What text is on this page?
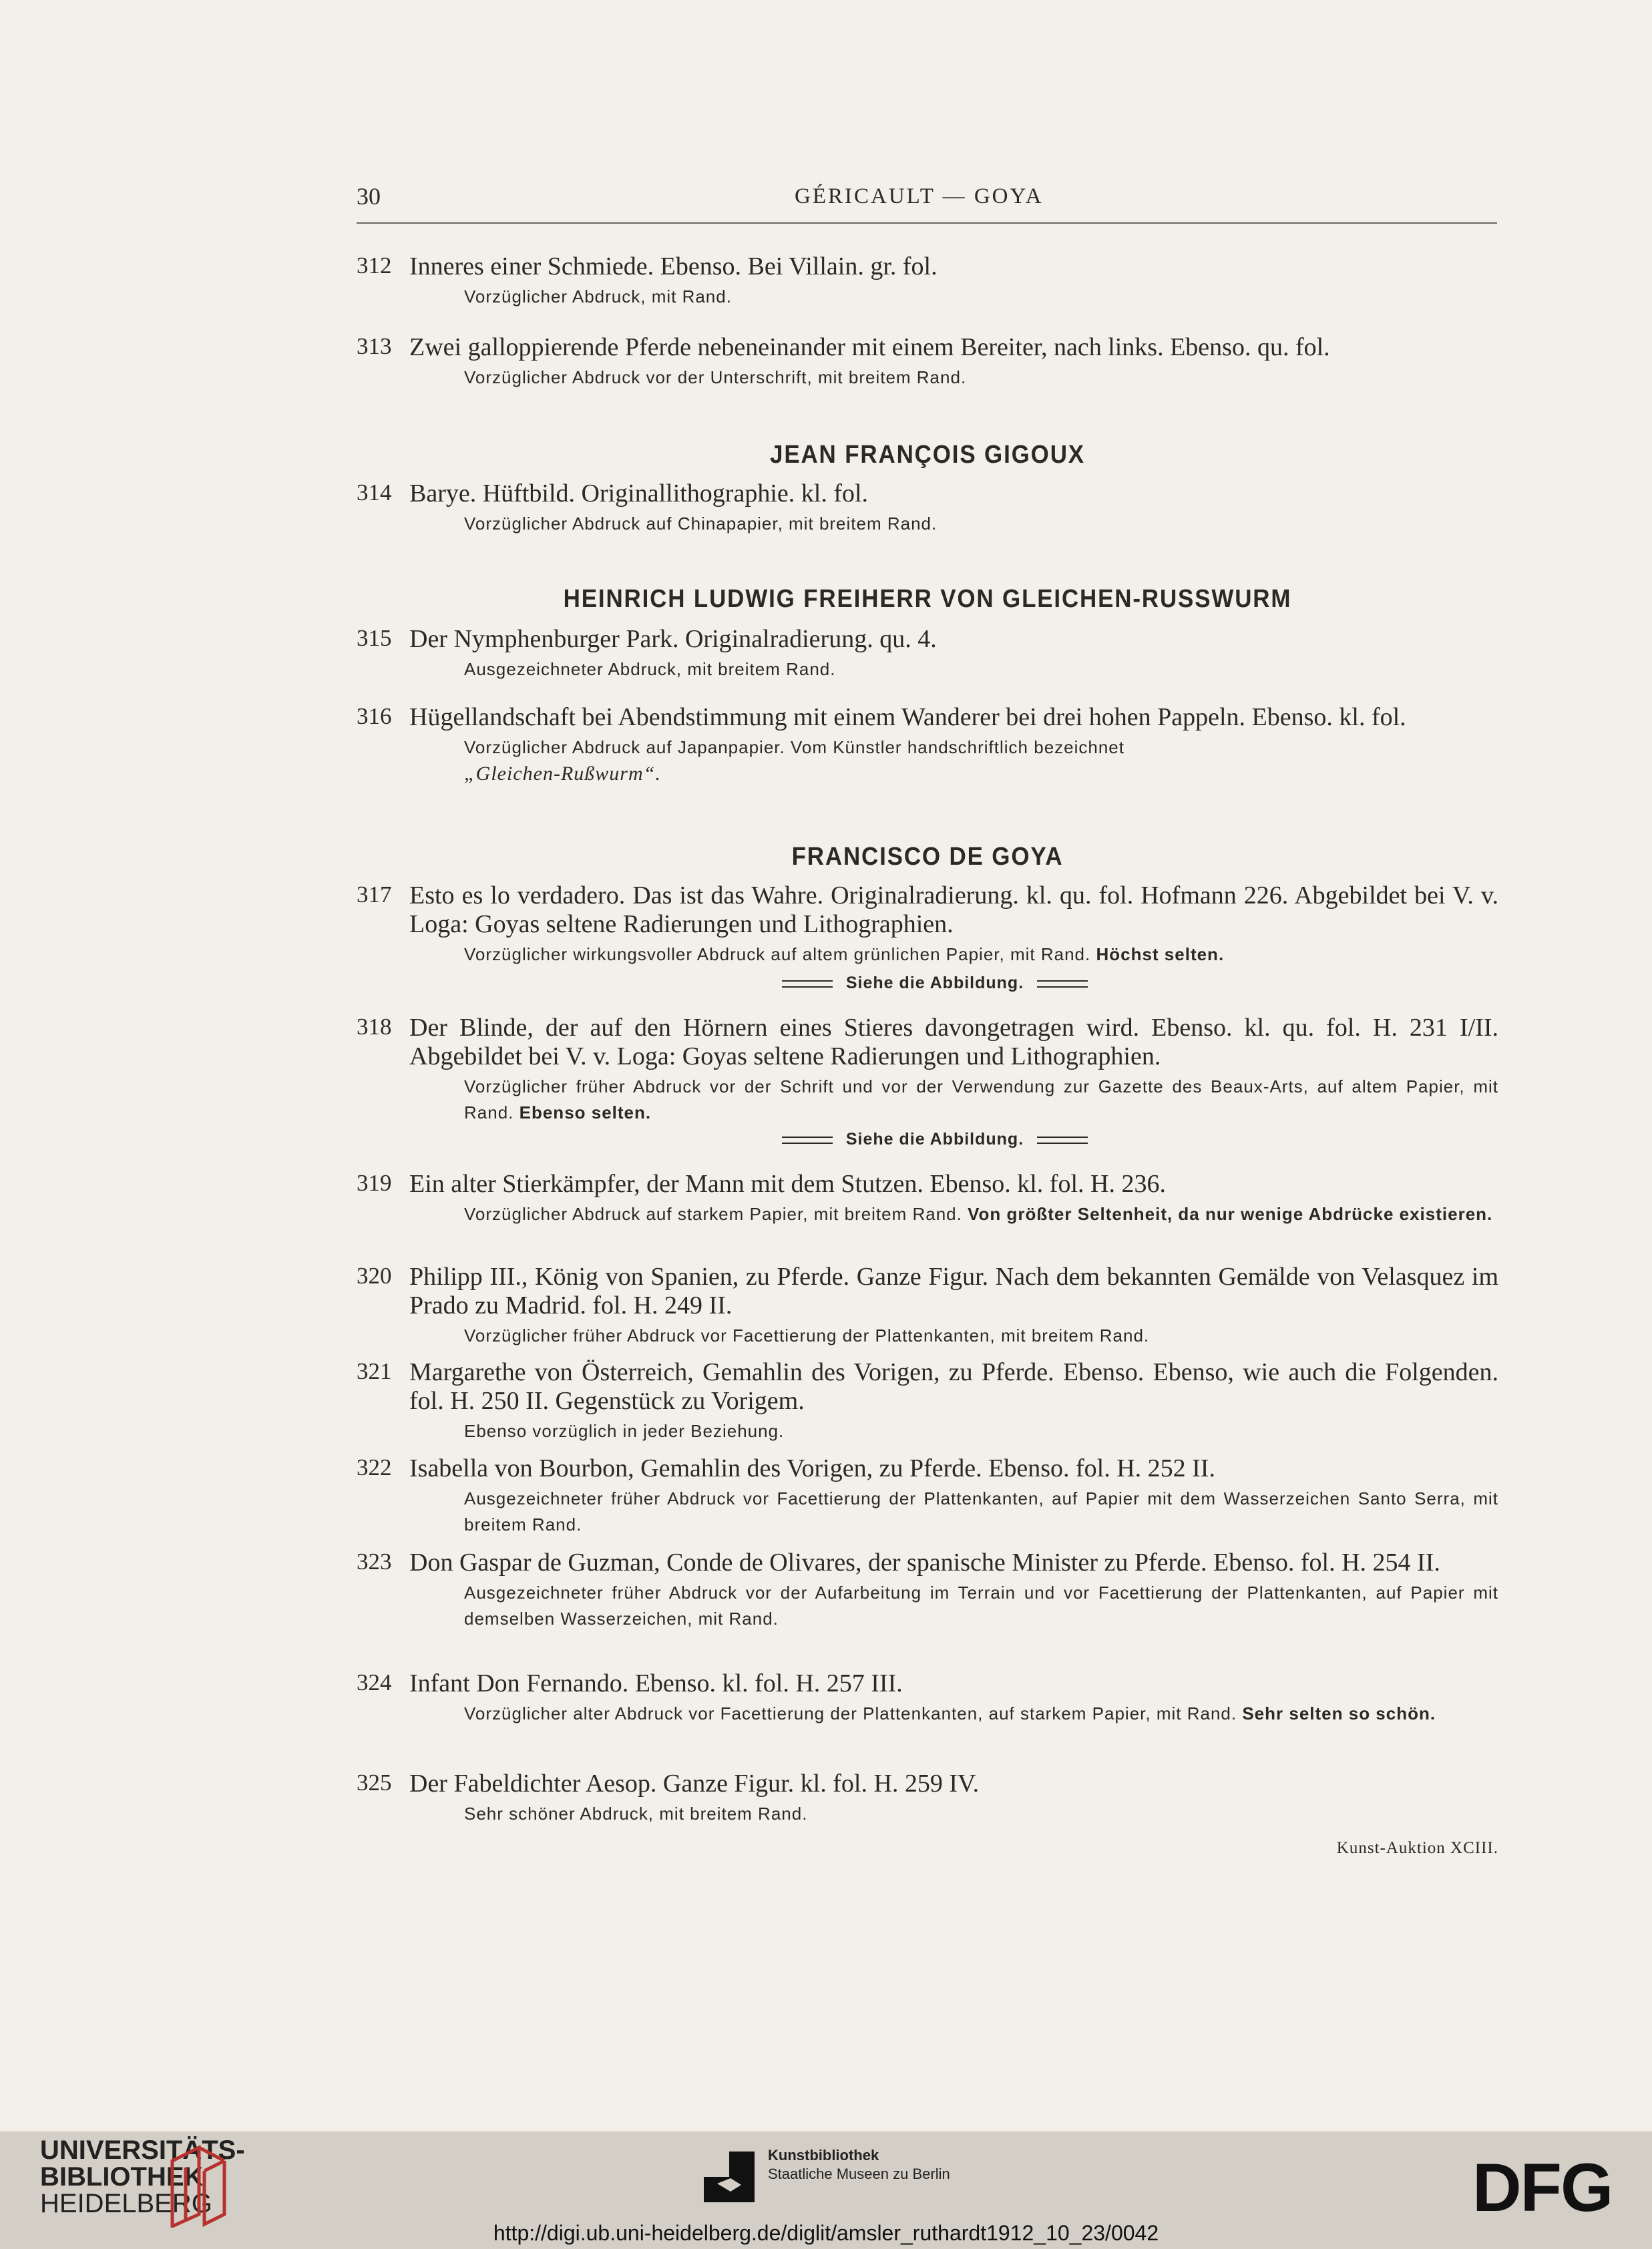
30	GÉRICAULT — GOYA
312 Inneres einer Schmiede. Ebenso. Bei Villain. gr. fol.
Vorzüglicher Abdruck, mit Rand.
313 Zwei galloppierende Pferde nebeneinander mit einem Bereiter, nach links. Ebenso. qu. fol.
Vorzüglicher Abdruck vor der Unterschrift, mit breitem Rand.
JEAN FRANÇOIS GIGOUX
314 Barye. Hüftbild. Originallithographie. kl. fol.
Vorzüglicher Abdruck auf Chinapapier, mit breitem Rand.
HEINRICH LUDWIG FREIHERR VON GLEICHEN-RUSSWURM
315 Der Nymphenburger Park. Originalradierung. qu. 4.
Ausgezeichneter Abdruck, mit breitem Rand.
316 Hügellandschaft bei Abendstimmung mit einem Wanderer bei drei hohen Pappeln. Ebenso. kl. fol.
Vorzüglicher Abdruck auf Japanpapier. Vom Künstler handschriftlich bezeichnet
„Gleichen-Rußwurm“.
FRANCISCO DE GOYA
317 Esto es lo verdadero. Das ist das Wahre. Originalradierung. kl. qu. fol. Hofmann 226. Abgebildet bei V. v. Loga: Goyas seltene Radierungen und Lithographien.
Vorzüglicher wirkungsvoller Abdruck auf altem grünlichen Papier, mit Rand. Höchst selten.
Siehe die Abbildung.
318 Der Blinde, der auf den Hörnern eines Stieres davongetragen wird. Ebenso. kl. qu. fol. H. 231 I/II. Abgebildet bei V. v. Loga: Goyas seltene Radierungen und Lithographien.
Vorzüglicher früher Abdruck vor der Schrift und vor der Verwendung zur Gazette des Beaux-Arts, auf altem Papier, mit Rand. Ebenso selten.
Siehe die Abbildung.
319 Ein alter Stierkämpfer, der Mann mit dem Stutzen. Ebenso. kl. fol. H. 236.
Vorzüglicher Abdruck auf starkem Papier, mit breitem Rand. Von größter Seltenheit, da nur wenige Abdrücke existieren.
320 Philipp III., König von Spanien, zu Pferde. Ganze Figur. Nach dem bekannten Gemälde von Velasquez im Prado zu Madrid. fol. H. 249 II.
Vorzüglicher früher Abdruck vor Facettierung der Plattenkanten, mit breitem Rand.
321 Margarethe von Österreich, Gemahlin des Vorigen, zu Pferde. Ebenso. Ebenso, wie auch die Folgenden. fol. H. 250 II. Gegenstück zu Vorigem.
Ebenso vorzüglich in jeder Beziehung.
322 Isabella von Bourbon, Gemahlin des Vorigen, zu Pferde. Ebenso. fol. H. 252 II.
Ausgezeichneter früher Abdruck vor Facettierung der Plattenkanten, auf Papier mit dem Wasserzeichen Santo Serra, mit breitem Rand.
323 Don Gaspar de Guzman, Conde de Olivares, der spanische Minister zu Pferde. Ebenso. fol. H. 254 II.
Ausgezeichneter früher Abdruck vor der Aufarbeitung im Terrain und vor Facettierung der Plattenkanten, auf Papier mit demselben Wasserzeichen, mit Rand.
324 Infant Don Fernando. Ebenso. kl. fol. H. 257 III.
Vorzüglicher alter Abdruck vor Facettierung der Plattenkanten, auf starkem Papier, mit Rand. Sehr selten so schön.
325 Der Fabeldichter Aesop. Ganze Figur. kl. fol. H. 259 IV.
Sehr schöner Abdruck, mit breitem Rand.
Kunst-Auktion XCIII.
UNIVERSITÄTS-
BIBLIOTHEK
HEIDELBERG
Kunstbibliothek
Staatliche Museen zu Berlin	DFG
http://digi.ub.uni-heidelberg.de/diglit/amsler_ruthardt1912_10_23/0042
